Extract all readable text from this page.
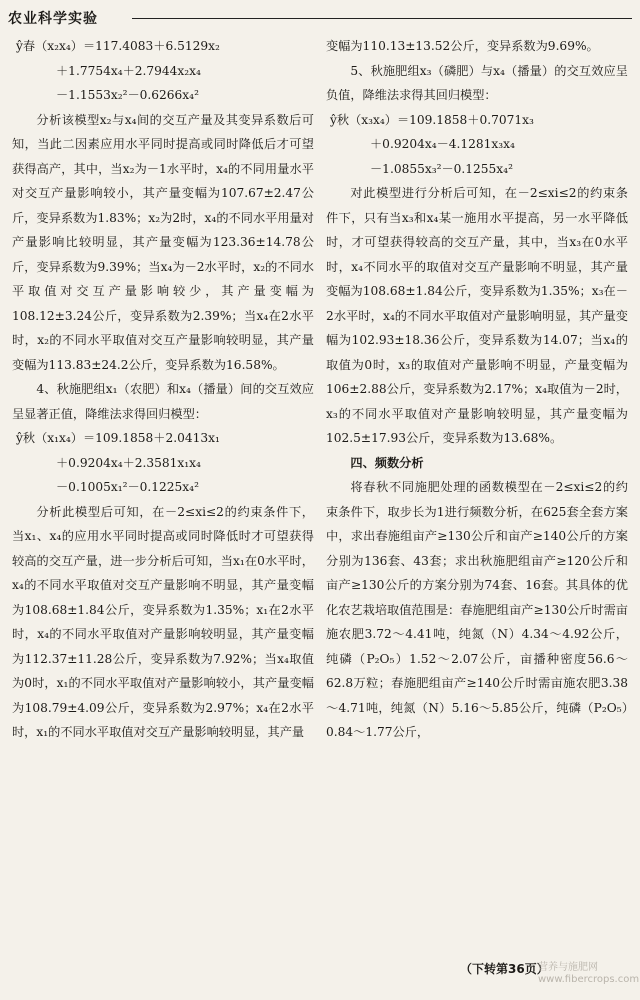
农业科学实验

ŷ春（x₂x₄）＝117.4083＋6.5129x₂

＋1.7754x₄＋2.7944x₂x₄

－1.1553x₂²－0.6266x₄²

分析该模型x₂与x₄间的交互产量及其变异系数后可知，当此二因素应用水平同时提高或同时降低后才可望获得高产，其中，当x₂为－1水平时，x₄的不同用量水平对交互产量影响较小，其产量变幅为107.67±2.47公斤，变异系数为1.83%；x₂为2时，x₄的不同水平用量对产量影响比较明显，其产量变幅为123.36±14.78公斤，变异系数为9.39%；当x₄为－2水平时，x₂的不同水平取值对交互产量影响较少，其产量变幅为108.12±3.24公斤，变异系数为2.39%；当x₄在2水平时，x₂的不同水平取值对交互产量影响较明显，其产量变幅为113.83±24.2公斤，变异系数为16.58%。

4、秋施肥组x₁（农肥）和x₄（播量）间的交互效应呈显著正值，降维法求得回归模型：

ŷ秋（x₁x₄）＝109.1858＋2.0413x₁

＋0.9204x₄＋2.3581x₁x₄

－0.1005x₁²－0.1225x₄²

分析此模型后可知，在－2≤xi≤2的约束条件下，当x₁、x₄的应用水平同时提高或同时降低时才可望获得较高的交互产量，进一步分析后可知，当x₁在0水平时，x₄的不同水平取值对交互产量影响不明显，其产量变幅为108.68±1.84公斤，变异系数为1.35%；x₁在2水平时，x₄的不同水平取值对产量影响较明显，其产量变幅为112.37±11.28公斤，变异系数为7.92%；当x₄取值为0时，x₁的不同水平取值对产量影响较小，其产量变幅为108.79±4.09公斤，变异系数为2.97%；x₄在2水平时，x₁的不同水平取值对交互产量影响较明显，其产量

变幅为110.13±13.52公斤，变异系数为9.69%。

5、秋施肥组x₃（磷肥）与x₄（播量）的交互效应呈负值，降维法求得其回归模型：

ŷ秋（x₃x₄）＝109.1858＋0.7071x₃

＋0.9204x₄－4.1281x₃x₄

－1.0855x₃²－0.1255x₄²

对此模型进行分析后可知，在－2≤xi≤2的约束条件下，只有当x₃和x₄某一施用水平提高，另一水平降低时，才可望获得较高的交互产量，其中，当x₃在0水平时，x₄不同水平的取值对交互产量影响不明显，其产量变幅为108.68±1.84公斤，变异系数为1.35%；x₃在－2水平时，x₄的不同水平取值对产量影响明显，其产量变幅为102.93±18.36公斤，变异系数为14.07；当x₄的取值为0时，x₃的取值对产量影响不明显，产量变幅为106±2.88公斤，变异系数为2.17%；x₄取值为－2时，x₃的不同水平取值对产量影响较明显，其产量变幅为102.5±17.93公斤，变异系数为13.68%。

四、频数分析

将春秋不同施肥处理的函数模型在－2≤xi≤2的约束条件下，取步长为1进行频数分析，在625套全套方案中，求出春施组亩产≥130公斤和亩产≥140公斤的方案分别为136套、43套；求出秋施肥组亩产≥120公斤和亩产≥130公斤的方案分别为74套、16套。其具体的优化农艺栽培取值范围是：春施肥组亩产≥130公斤时需亩施农肥3.72～4.41吨，纯氮（N）4.34～4.92公斤，纯磷（P₂O₅）1.52～2.07公斤，亩播种密度56.6～62.8万粒；春施肥组亩产≥140公斤时需亩施农肥3.38～4.71吨，纯氮（N）5.16～5.85公斤，纯磷（P₂O₅）0.84～1.77公斤，

（下转第36页）
营养与施肥网 www.fibercrops.com
